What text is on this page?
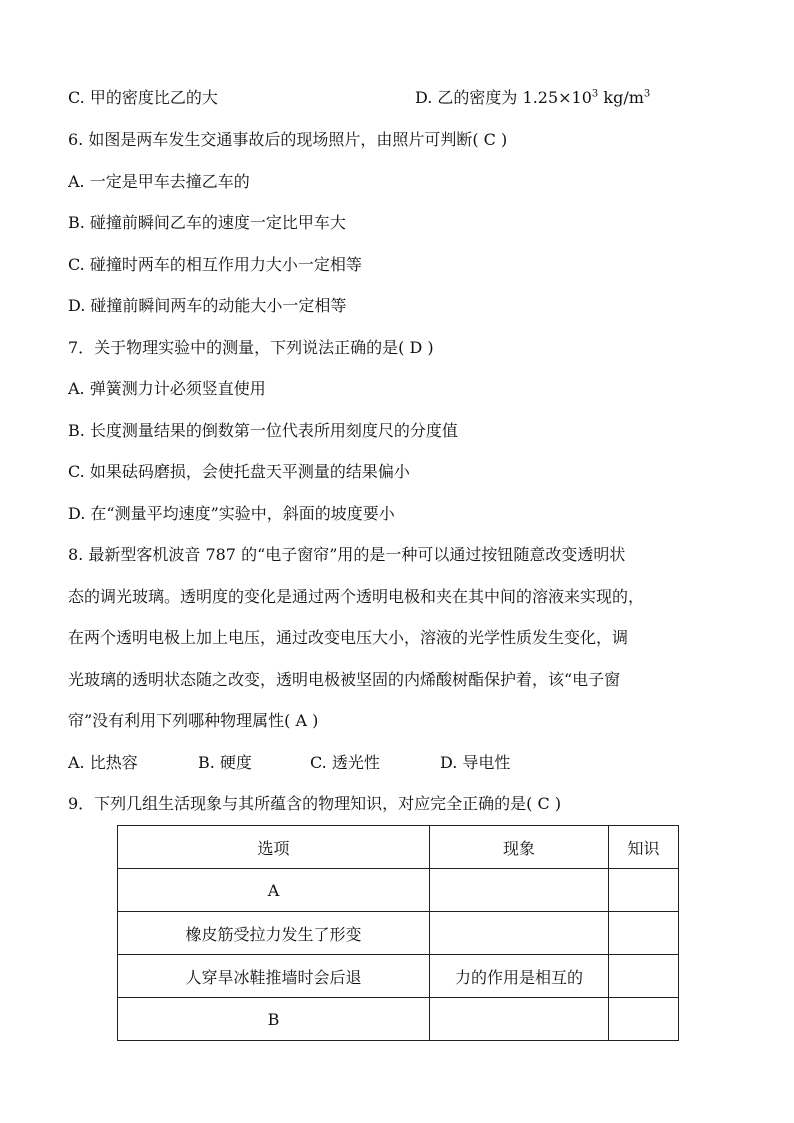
C. 甲的密度比乙的大	D. 乙的密度为 $1.25\times 10^3$ $kg/m^3$
6. 如图是两车发生交通事故后的现场照片，由照片可判断( C )
A. 一定是甲车去撞乙车的
B. 碰撞前瞬间乙车的速度一定比甲车大
C. 碰撞时两车的相互作用力大小一定相等
D. 碰撞前瞬间两车的动能大小一定相等
7．关于物理实验中的测量，下列说法正确的是( D )
A. 弹簧测力计必须竖直使用
B. 长度测量结果的倒数第一位代表所用刻度尺的分度值
C. 如果砝码磨损，会使托盘天平测量的结果偏小
D. 在“测量平均速度”实验中，斜面的坡度要小
8. 最新型客机波音 787 的“电子窗帘”用的是一种可以通过按钮随意改变透明状
态的调光玻璃。透明度的变化是通过两个透明电极和夹在其中间的溶液来实现的，
在两个透明电极上加上电压，通过改变电压大小，溶液的光学性质发生变化，调
光玻璃的透明状态随之改变，透明电极被坚固的内烯酸树酯保护着，该“电子窗
帘”没有利用下列哪种物理属性( A )
A. 比热容	B. 硬度	C. 透光性	D. 导电性
9．下列几组生活现象与其所蕴含的物理知识，对应完全正确的是( C )
选项	现象	知识
A		
橡皮筋受拉力发生了形变		
人穿旱冰鞋推墙时会后退	力的作用是相互的	
B		
